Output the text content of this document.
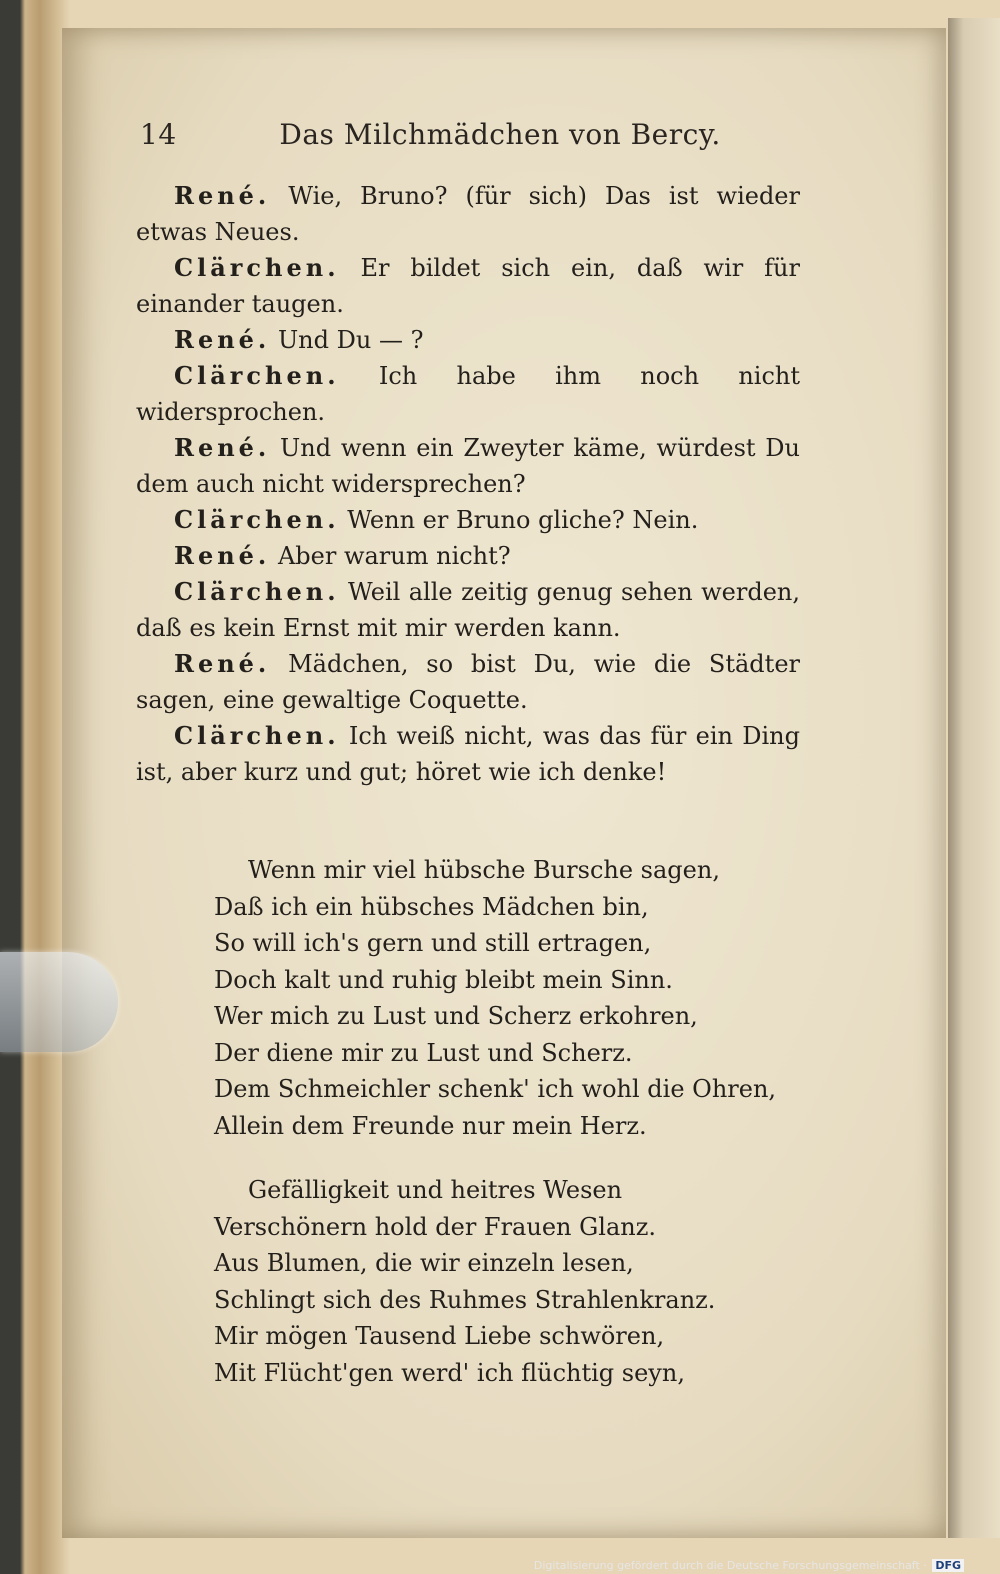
14	Das Milchmädchen von Bercy.

René. Wie, Bruno? (für sich) Das ist wieder etwas Neues.

Clärchen. Er bildet sich ein, daß wir für einander taugen.

René. Und Du — ?

Clärchen. Ich habe ihm noch nicht widersprochen.

René. Und wenn ein Zweyter käme, würdest Du dem auch nicht widersprechen?

Clärchen. Wenn er Bruno gliche? Nein.

René. Aber warum nicht?

Clärchen. Weil alle zeitig genug sehen werden, daß es kein Ernst mit mir werden kann.

René. Mädchen, so bist Du, wie die Städter sagen, eine gewaltige Coquette.

Clärchen. Ich weiß nicht, was das für ein Ding ist, aber kurz und gut; höret wie ich denke!

Wenn mir viel hübsche Bursche sagen,
Daß ich ein hübsches Mädchen bin,
So will ich's gern und still ertragen,
Doch kalt und ruhig bleibt mein Sinn.
Wer mich zu Lust und Scherz erkohren,
Der diene mir zu Lust und Scherz.
Dem Schmeichler schenk' ich wohl die Ohren,
Allein dem Freunde nur mein Herz.
Gefälligkeit und heitres Wesen
Verschönern hold der Frauen Glanz.
Aus Blumen, die wir einzeln lesen,
Schlingt sich des Ruhmes Strahlenkranz.
Mir mögen Tausend Liebe schwören,
Mit Flücht'gen werd' ich flüchtig seyn,
Digitalisierung gefördert durch die Deutsche Forschungsgemeinschaft · DFG
